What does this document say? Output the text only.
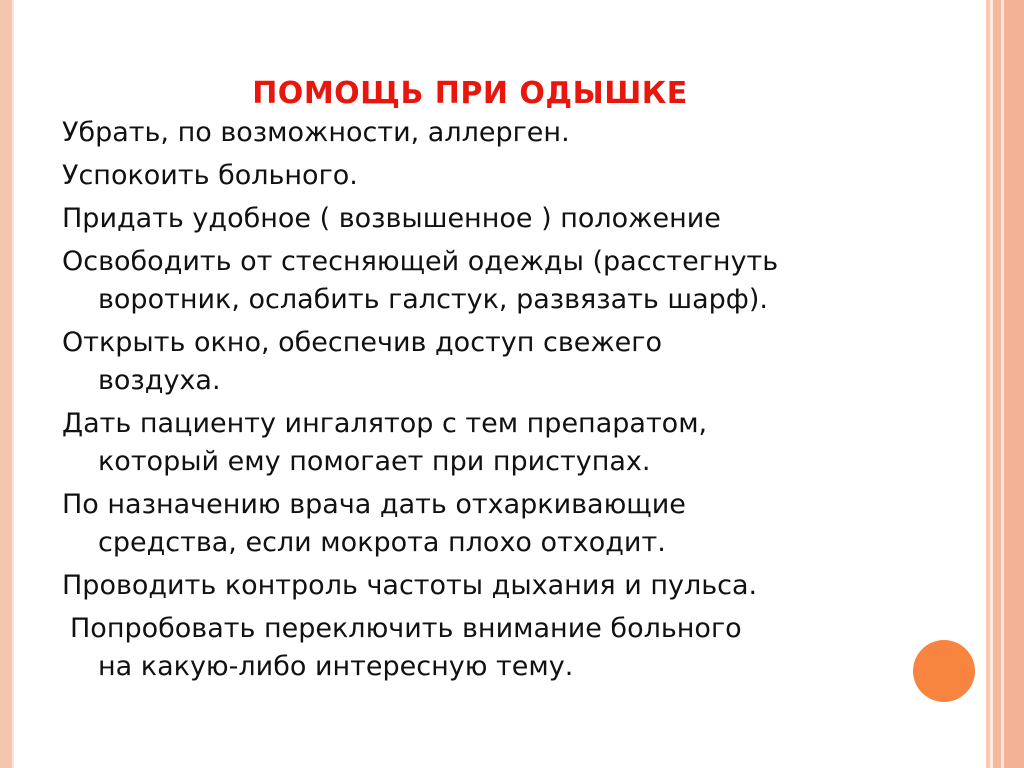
ПОМОЩЬ ПРИ ОДЫШКЕ
Убрать, по возможности, аллерген.
Успокоить больного.
Придать удобное ( возвышенное ) положение
Освободить от стесняющей одежды (расстегнуть
воротник, ослабить галстук, развязать шарф).
Открыть окно, обеспечив доступ свежего
воздуха.
Дать пациенту ингалятор с тем препаратом,
который ему помогает при приступах.
По назначению врача дать отхаркивающие
средства, если мокрота плохо отходит.
Проводить контроль частоты дыхания и пульса.
Попробовать переключить внимание больного
на какую-либо интересную тему.
